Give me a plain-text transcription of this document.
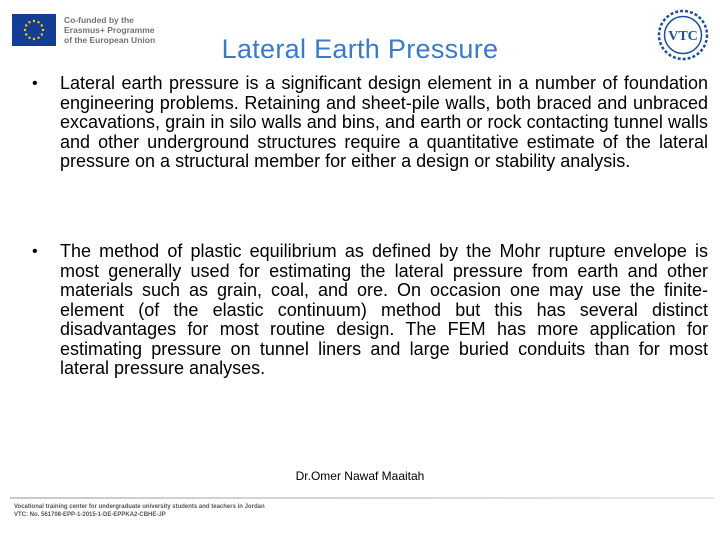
Co-funded by the
Erasmus+ Programme
of the European Union	VTC
Lateral Earth Pressure
• Lateral earth pressure is a significant design element in a number of foundation engineering problems. Retaining and sheet-pile walls, both braced and unbraced excavations, grain in silo walls and bins, and earth or rock contacting tunnel walls and other underground structures require a quantitative estimate of the lateral pressure on a structural member for either a design or stability analysis.
• The method of plastic equilibrium as defined by the Mohr rupture envelope is most generally used for estimating the lateral pressure from earth and other materials such as grain, coal, and ore. On occasion one may use the finite-element (of the elastic continuum) method but this has several distinct disadvantages for most routine design. The FEM has more application for estimating pressure on tunnel liners and large buried conduits than for most lateral pressure analyses.
Dr.Omer Nawaf Maaitah
Vocational training center for undergraduate university students and teachers in Jordan
VTC: No. 561708-EPP-1-2015-1-DE-EPPKA2-CBHE-JP
